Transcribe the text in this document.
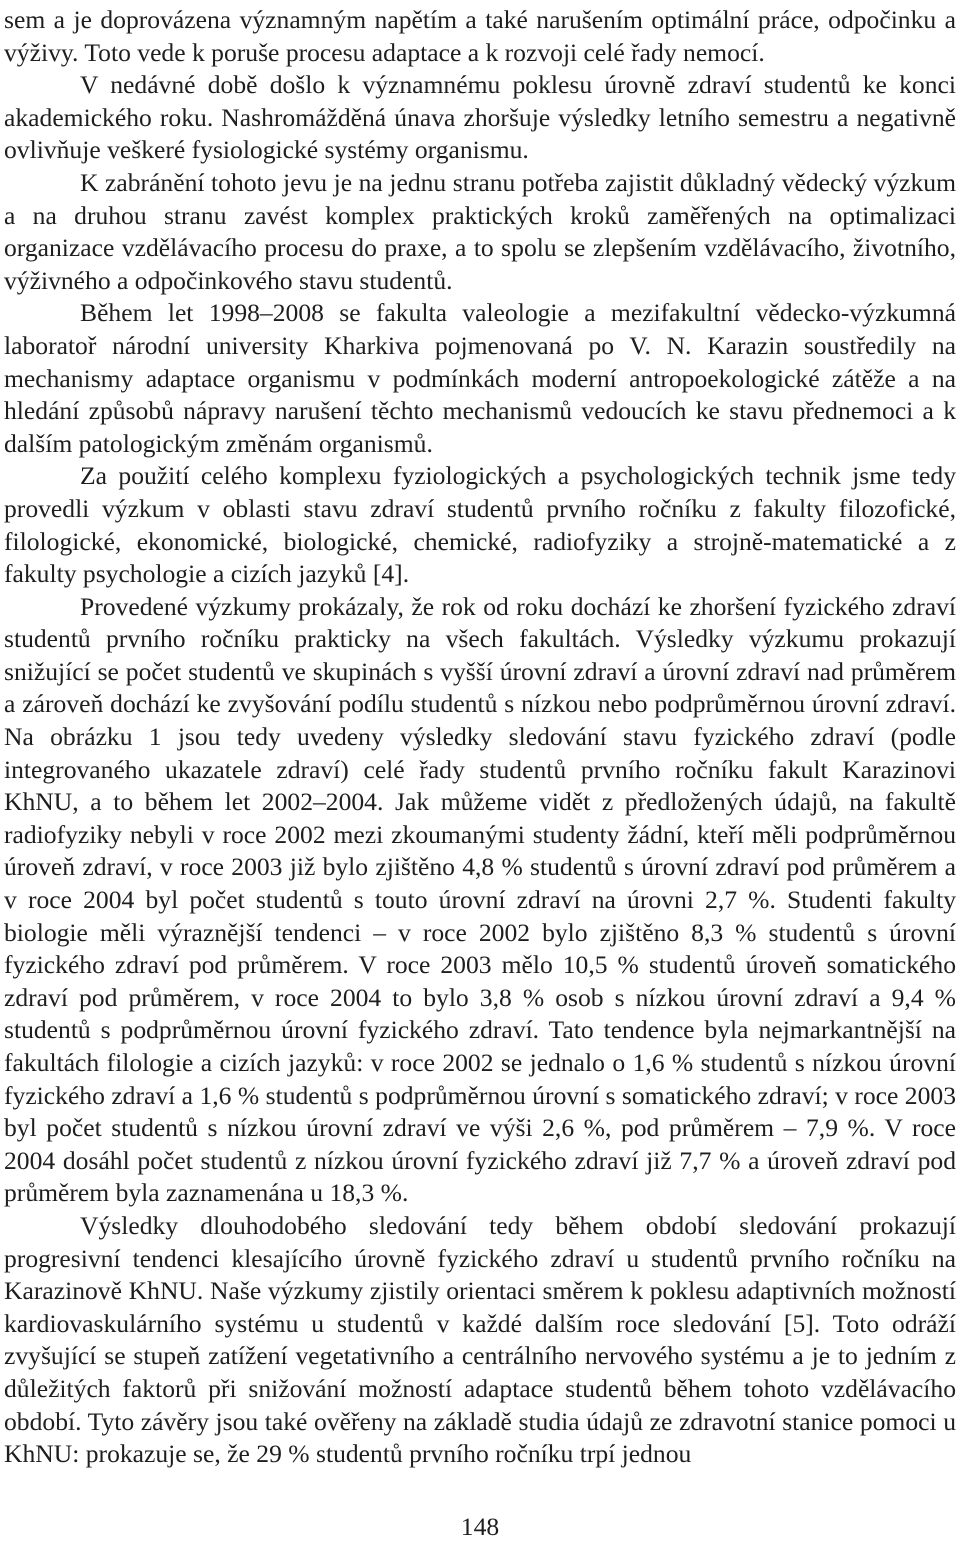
sem a je doprovázena významným napětím a také narušením optimální práce, odpočinku a výživy. Toto vede k poruše procesu adaptace a k rozvoji celé řady nemocí.

V nedávné době došlo k významnému poklesu úrovně zdraví studentů ke konci akademického roku. Nashromážděná únava zhoršuje výsledky letního semestru a negativně ovlivňuje veškeré fysiologické systémy organismu.

K zabránění tohoto jevu je na jednu stranu potřeba zajistit důkladný vědecký výzkum a na druhou stranu zavést komplex praktických kroků zaměřených na optimalizaci organizace vzdělávacího procesu do praxe, a to spolu se zlepšením vzdělávacího, životního, výživného a odpočinkového stavu studentů.

Během let 1998–2008 se fakulta valeologie a mezifakultní vědecko-výzkumná laboratoř národní university Kharkiva pojmenovaná po V. N. Karazin soustředily na mechanismy adaptace organismu v podmínkách moderní antropoekologické zátěže a na hledání způsobů nápravy narušení těchto mechanismů vedoucích ke stavu přednemoci a k dalším patologickým změnám organismů.

Za použití celého komplexu fyziologických a psychologických technik jsme tedy provedli výzkum v oblasti stavu zdraví studentů prvního ročníku z fakulty filozofické, filologické, ekonomické, biologické, chemické, radiofyziky a strojně-matematické a z fakulty psychologie a cizích jazyků [4].

Provedené výzkumy prokázaly, že rok od roku dochází ke zhoršení fyzického zdraví studentů prvního ročníku prakticky na všech fakultách. Výsledky výzkumu prokazují snižující se počet studentů ve skupinách s vyšší úrovní zdraví a úrovní zdraví nad průměrem a zároveň dochází ke zvyšování podílu studentů s nízkou nebo podprůměrnou úrovní zdraví. Na obrázku 1 jsou tedy uvedeny výsledky sledování stavu fyzického zdraví (podle integrovaného ukazatele zdraví) celé řady studentů prvního ročníku fakult Karazinovi KhNU, a to během let 2002–2004. Jak můžeme vidět z předložených údajů, na fakultě radiofyziky nebyli v roce 2002 mezi zkoumanými studenty žádní, kteří měli podprůměrnou úroveň zdraví, v roce 2003 již bylo zjištěno 4,8 % studentů s úrovní zdraví pod průměrem a v roce 2004 byl počet studentů s touto úrovní zdraví na úrovni 2,7 %. Studenti fakulty biologie měli výraznější tendenci – v roce 2002 bylo zjištěno 8,3 % studentů s úrovní fyzického zdraví pod průměrem. V roce 2003 mělo 10,5 % studentů úroveň somatického zdraví pod průměrem, v roce 2004 to bylo 3,8 % osob s nízkou úrovní zdraví a 9,4 % studentů s podprůměrnou úrovní fyzického zdraví. Tato tendence byla nejmarkantnější na fakultách filologie a cizích jazyků: v roce 2002 se jednalo o 1,6 % studentů s nízkou úrovní fyzického zdraví a 1,6 % studentů s podprůměrnou úrovní s somatického zdraví; v roce 2003 byl počet studentů s nízkou úrovní zdraví ve výši 2,6 %, pod průměrem – 7,9 %. V roce 2004 dosáhl počet studentů z nízkou úrovní fyzického zdraví již 7,7 % a úroveň zdraví pod průměrem byla zaznamenána u 18,3 %.

Výsledky dlouhodobého sledování tedy během období sledování prokazují progresivní tendenci klesajícího úrovně fyzického zdraví u studentů prvního ročníku na Karazinově KhNU. Naše výzkumy zjistily orientaci směrem k poklesu adaptivních možností kardiovaskulárního systému u studentů v každé dalším roce sledování [5]. Toto odráží zvyšující se stupeň zatížení vegetativního a centrálního nervového systému a je to jedním z důležitých faktorů při snižování možností adaptace studentů během tohoto vzdělávacího období. Tyto závěry jsou také ověřeny na základě studia údajů ze zdravotní stanice pomoci u KhNU: prokazuje se, že 29 % studentů prvního ročníku trpí jednou

148
